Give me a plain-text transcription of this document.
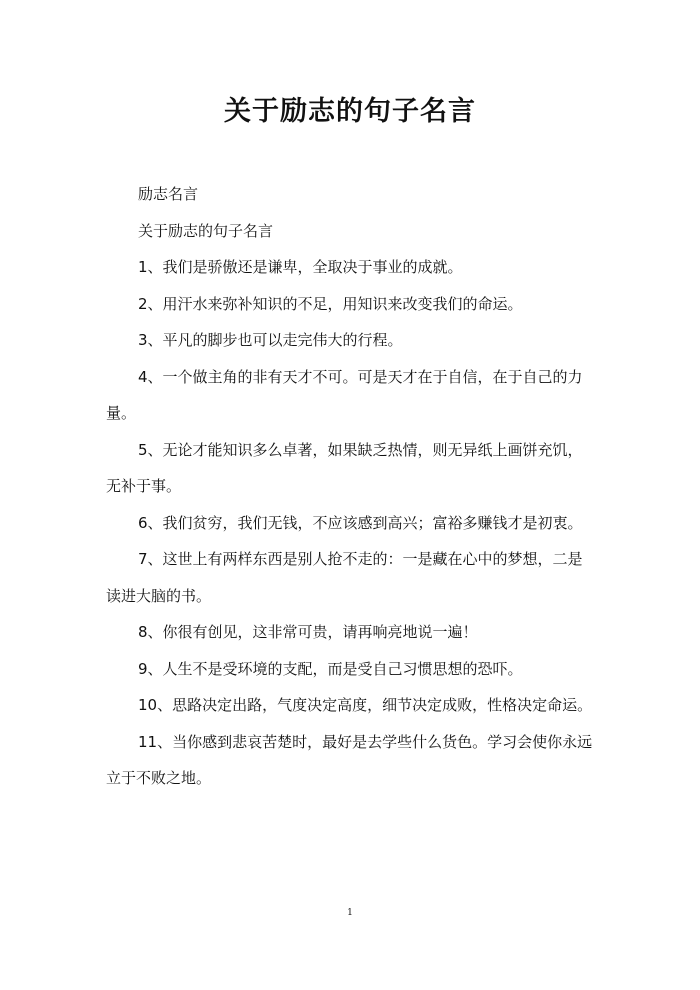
关于励志的句子名言

励志名言

关于励志的句子名言

1、我们是骄傲还是谦卑，全取决于事业的成就。

2、用汗水来弥补知识的不足，用知识来改变我们的命运。

3、平凡的脚步也可以走完伟大的行程。

4、一个做主角的非有天才不可。可是天才在于自信，在于自己的力量。

5、无论才能知识多么卓著，如果缺乏热情，则无异纸上画饼充饥，无补于事。

6、我们贫穷，我们无钱，不应该感到高兴；富裕多赚钱才是初衷。

7、这世上有两样东西是别人抢不走的：一是藏在心中的梦想，二是读进大脑的书。

8、你很有创见，这非常可贵，请再响亮地说一遍！

9、人生不是受环境的支配，而是受自己习惯思想的恐吓。

10、思路决定出路，气度决定高度，细节决定成败，性格决定命运。

11、当你感到悲哀苦楚时，最好是去学些什么货色。学习会使你永远立于不败之地。

1
